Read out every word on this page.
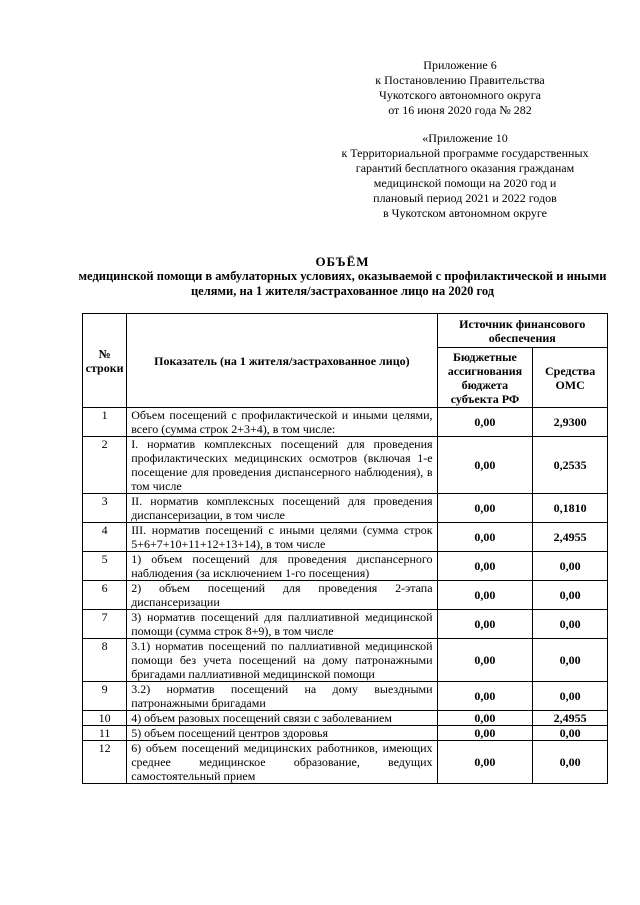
Приложение 6
к Постановлению Правительства
Чукотского автономного округа
от 16 июня 2020 года № 282
«Приложение 10
к Территориальной программе государственных
гарантий бесплатного оказания гражданам
медицинской помощи на 2020 год и
плановый период 2021 и 2022 годов
в Чукотском автономном округе
ОБЪЁМ
медицинской помощи в амбулаторных условиях, оказываемой с профилактической и иными целями, на 1 жителя/застрахованное лицо на 2020 год
№ строки	Показатель (на 1 жителя/застрахованное лицо)	Источник финансового обеспечения	
		Бюджетные ассигнования бюджета субъекта РФ	Средства ОМС
1	Объем посещений с профилактической и иными целями, всего (сумма строк 2+3+4), в том числе:	0,00	2,9300
2	I. норматив комплексных посещений для проведения профилактических медицинских осмотров (включая 1-е посещение для проведения диспансерного наблюдения), в том числе	0,00	0,2535
3	II. норматив комплексных посещений для проведения диспансеризации, в том числе	0,00	0,1810
4	III. норматив посещений с иными целями (сумма строк 5+6+7+10+11+12+13+14), в том числе	0,00	2,4955
5	1) объем посещений для проведения диспансерного наблюдения (за исключением 1-го посещения)	0,00	0,00
6	2) объем посещений для проведения 2-этапа диспансеризации	0,00	0,00
7	3) норматив посещений для паллиативной медицинской помощи (сумма строк 8+9), в том числе	0,00	0,00
8	3.1) норматив посещений по паллиативной медицинской помощи без учета посещений на дому патронажными бригадами паллиативной медицинской помощи	0,00	0,00
9	3.2) норматив посещений на дому выездными патронажными бригадами	0,00	0,00
10	4) объем разовых посещений связи с заболеванием	0,00	2,4955
11	5) объем посещений центров здоровья	0,00	0,00
12	6) объем посещений медицинских работников, имеющих среднее медицинское образование, ведущих самостоятельный прием	0,00	0,00
